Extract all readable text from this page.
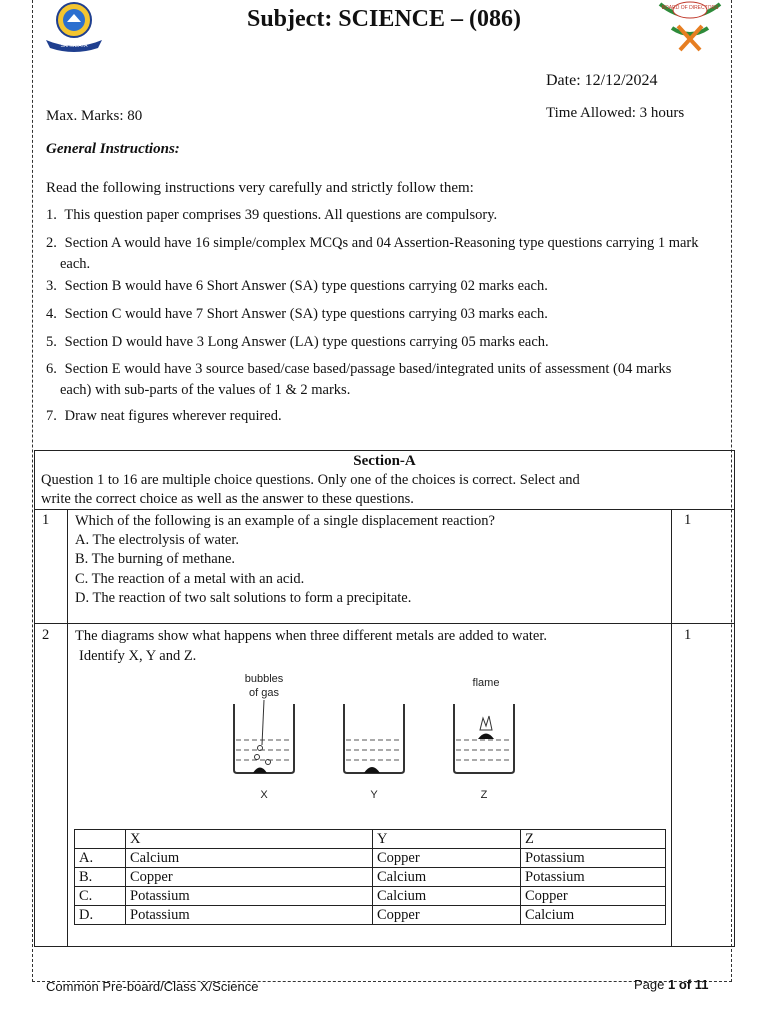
SAHODAYA
BOARD OF DIRECTORS
Subject: SCIENCE – (086)
Date: 12/12/2024
Max. Marks: 80	Time Allowed: 3 hours
General Instructions:
Read the following instructions very carefully and strictly follow them:
1. This question paper comprises 39 questions. All questions are compulsory.
2. Section A would have 16 simple/complex MCQs and 04 Assertion-Reasoning type questions carrying 1 mark
each.
3. Section B would have 6 Short Answer (SA) type questions carrying 02 marks each.
4. Section C would have 7 Short Answer (SA) type questions carrying 03 marks each.
5. Section D would have 3 Long Answer (LA) type questions carrying 05 marks each.
6. Section E would have 3 source based/case based/passage based/integrated units of assessment (04 marks
each) with sub-parts of the values of 1 & 2 marks.
7. Draw neat figures wherever required.
Section-A
Question 1 to 16 are multiple choice questions. Only one of the choices is correct. Select and
write the correct choice as well as the answer to these questions.
1 Which of the following is an example of a single displacement reaction?
A. The electrolysis of water.
B. The burning of methane.
C. The reaction of a metal with an acid.
D. The reaction of two salt solutions to form a precipitate.
1
2 The diagrams show what happens when three different metals are added to water.
Identify X, Y and Z.
1
bubbles
of gas
flame
X	Y	Z
	X	Y	Z
A.	Calcium	Copper	Potassium
B.	Copper	Calcium	Potassium
C.	Potassium	Calcium	Copper
D.	Potassium	Copper	Calcium
Common Pre-board/Class X/Science	Page 1 of 11
